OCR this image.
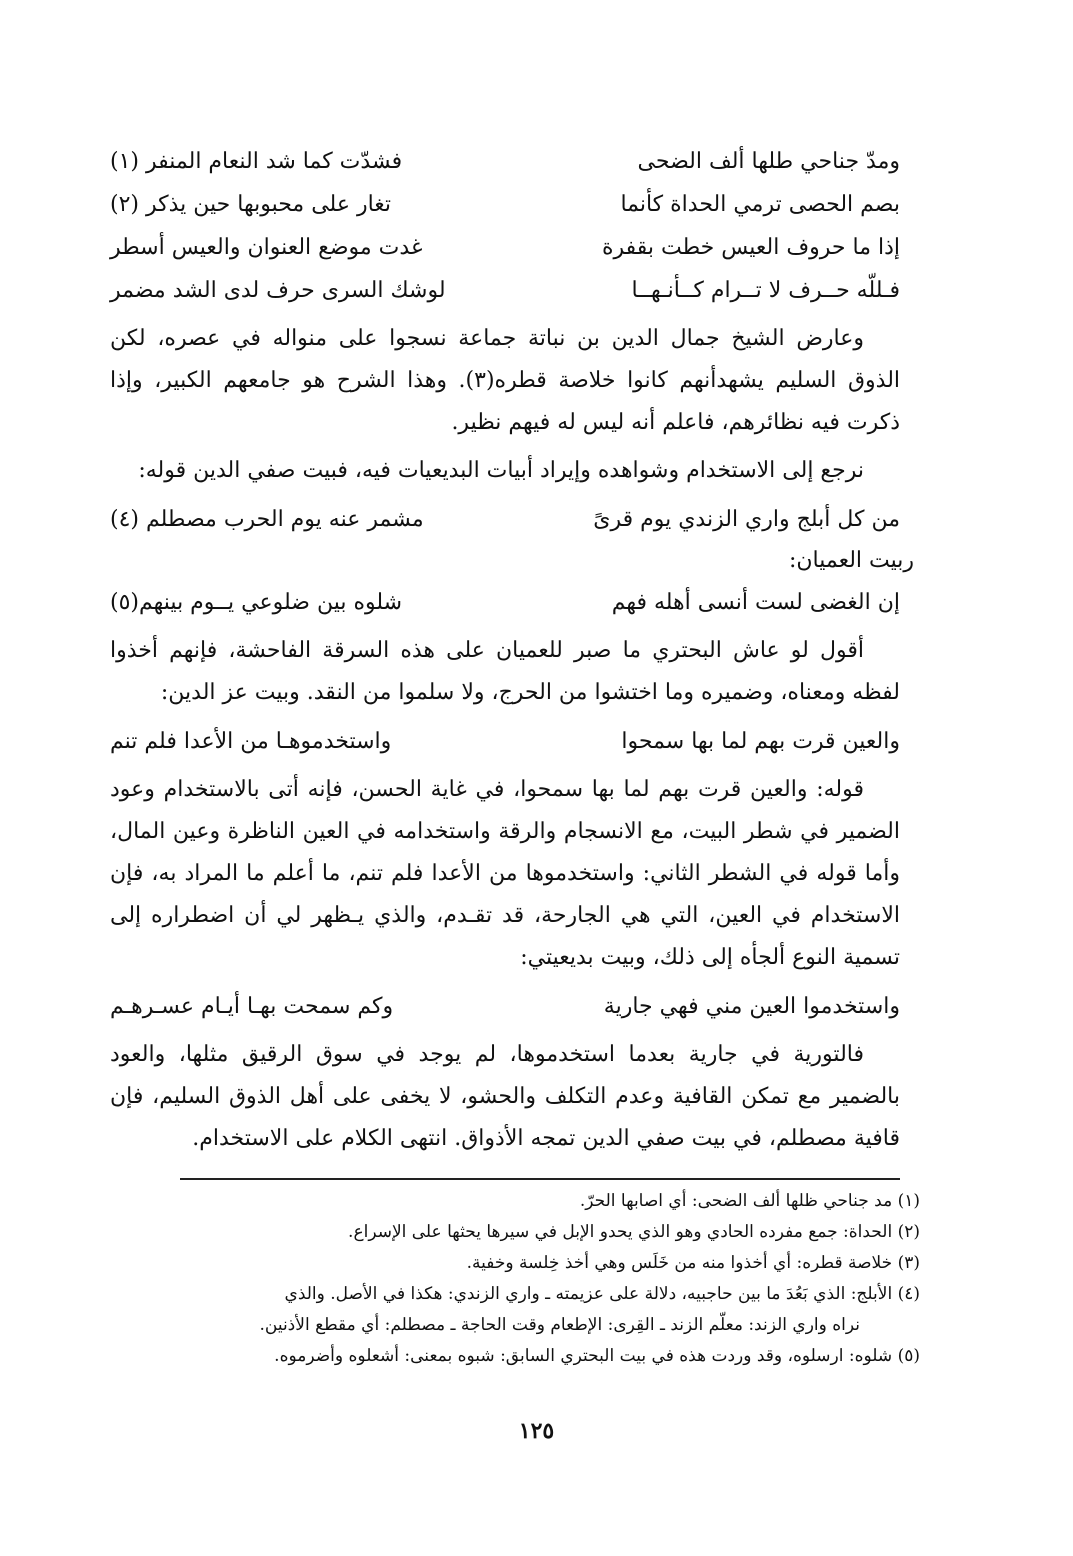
ومدّ جناحي طلها ألف الضحى
فشدّت كما شد النعام المنفر (١)
بصم الحصى ترمي الحداة كأنما
تغار على محبوبها حين يذكر (٢)
إذا ما حروف العيس خطت بقفرة
غدت موضع العنوان والعيس أسطر
فـللّه حــرف لا تــرام كــأنـهــا
لوشك السرى حرف لدى الشد مضمر

وعارض الشيخ جمال الدين بن نباتة جماعة نسجوا على منواله في عصره، لكن الذوق السليم يشهدأنهم كانوا خلاصة قطره(٣). وهذا الشرح هو جامعهم الكبير، وإذا ذكرت فيه نظائرهم، فاعلم أنه ليس له فيهم نظير.

نرجع إلى الاستخدام وشواهده وإيراد أبيات البديعيات فيه، فبيت صفي الدين قوله:

من كل أبلج واري الزندي يوم قرىً
مشمر عنه يوم الحرب مصطلم (٤)
ربيت العميان:
إن الغضى لست أنسى أهله فهم
شلوه بين ضلوعي يــوم بينهم(٥)

أقول لو عاش البحتري ما صبر للعميان على هذه السرقة الفاحشة، فإنهم أخذوا لفظه ومعناه، وضميره وما اختشوا من الحرج، ولا سلموا من النقد. وبيت عز الدين:

والعين قرت بهم لما بها سمحوا
واستخدموهـا من الأعدا فلم تنم

قوله: والعين قرت بهم لما بها سمحوا، في غاية الحسن، فإنه أتى بالاستخدام وعود الضمير في شطر البيت، مع الانسجام والرقة واستخدامه في العين الناظرة وعين المال، وأما قوله في الشطر الثاني: واستخدموها من الأعدا فلم تنم، ما أعلم ما المراد به، فإن الاستخدام في العين، التي هي الجارحة، قد تقـدم، والذي يـظهر لي أن اضطراره إلى تسمية النوع ألجأه إلى ذلك، وبيت بديعيتي:

واستخدموا العين مني فهي جارية
وكم سمحت بهـا أيـام عسـرهـم

فالتورية في جارية بعدما استخدموها، لم يوجد في سوق الرقيق مثلها، والعود بالضمير مع تمكن القافية وعدم التكلف والحشو، لا يخفى على أهل الذوق السليم، فإن قافية مصطلم، في بيت صفي الدين تمجه الأذواق. انتهى الكلام على الاستخدام.

(١) مد جناحي ظلها ألف الضحى: أي اصابها الحرّ.
(٢) الحداة: جمع مفرده الحادي وهو الذي يحدو الإبل في سيرها يحثها على الإسراع.
(٣) خلاصة قطره: أي أخذوا منه من خَلَس وهي أخذ خِلسة وخفية.
(٤) الأبلج: الذي بَعُدَ ما بين حاجبيه، دلالة على عزيمته ـ واري الزندي: هكذا في الأصل. والذي
نراه واري الزند: معلّم الزند ـ القِرى: الإطعام وقت الحاجة ـ مصطلم: أي مقطع الأذنين.
(٥) شلوه: ارسلوه، وقد وردت هذه في بيت البحتري السابق: شبوه بمعنى: أشعلوه وأضرموه.
١٢٥
